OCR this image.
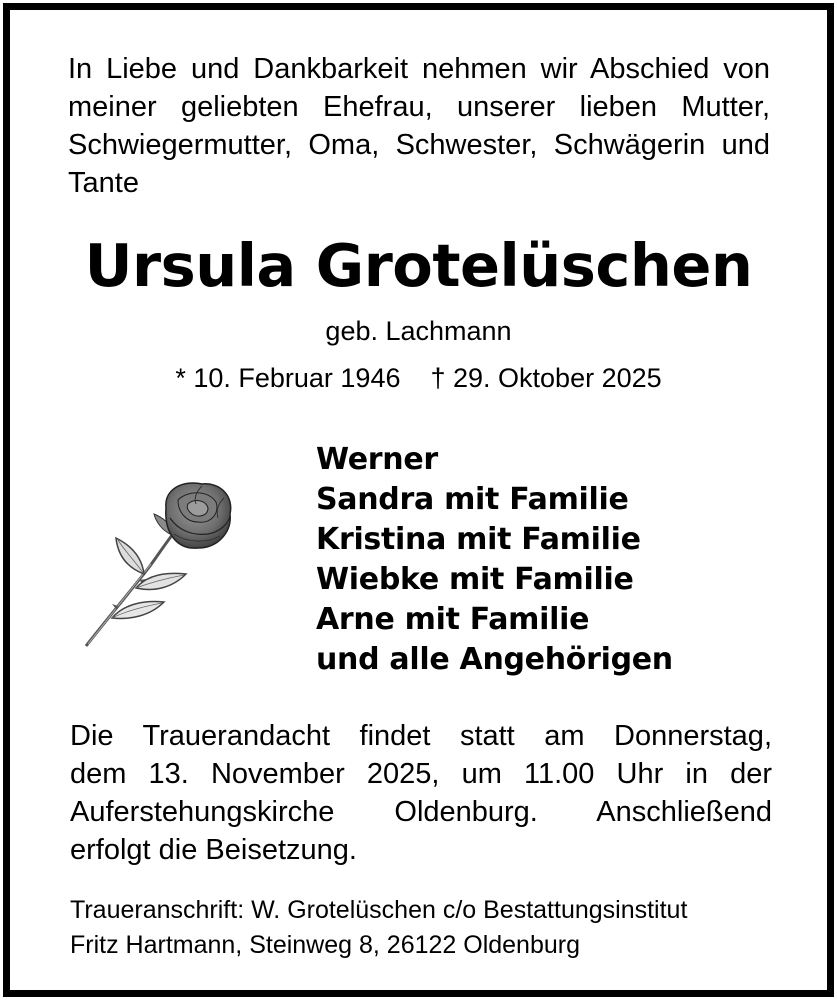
In Liebe und Dankbarkeit nehmen wir Abschied von
meiner geliebten Ehefrau, unserer lieben Mutter,
Schwiegermutter, Oma, Schwester, Schwägerin und
Tante
Ursula Grotelüschen
geb. Lachmann
* 10. Februar 1946 † 29. Oktober 2025
Werner
Sandra mit Familie
Kristina mit Familie
Wiebke mit Familie
Arne mit Familie
und alle Angehörigen
Die Trauerandacht findet statt am Donnerstag,
dem 13. November 2025, um 11.00 Uhr in der
Auferstehungskirche Oldenburg. Anschließend
erfolgt die Beisetzung.
Traueranschrift: W. Grotelüschen c/o Bestattungsinstitut
Fritz Hartmann, Steinweg 8, 26122 Oldenburg
